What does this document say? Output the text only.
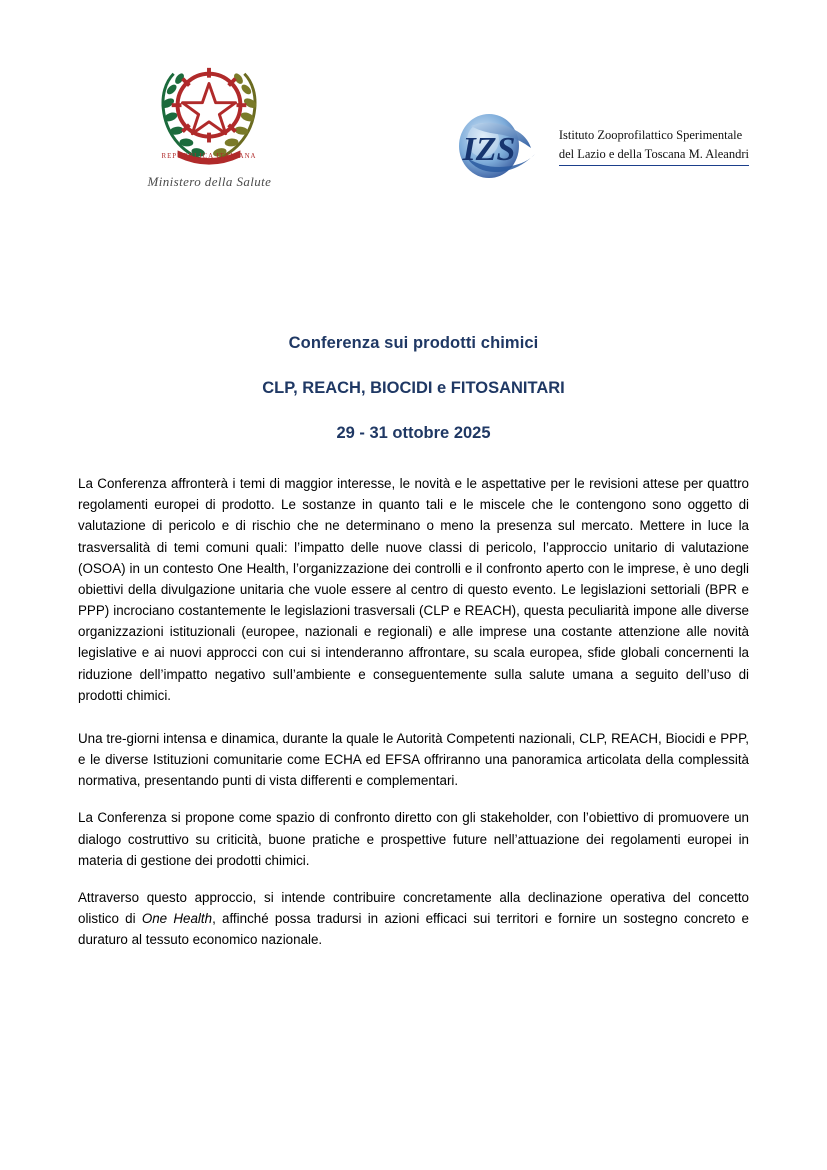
REPUBBLICA ITALIANA
Ministero della Salute
IZS	Istituto Zooprofilattico Sperimentale
del Lazio e della Toscana M. Aleandri
Conferenza sui prodotti chimici
CLP, REACH, BIOCIDI e FITOSANITARI
29 - 31 ottobre 2025

La Conferenza affronterà i temi di maggior interesse, le novità e le aspettative per le revisioni attese per quattro regolamenti europei di prodotto. Le sostanze in quanto tali e le miscele che le contengono sono oggetto di valutazione di pericolo e di rischio che ne determinano o meno la presenza sul mercato. Mettere in luce la trasversalità di temi comuni quali: l’impatto delle nuove classi di pericolo, l’approccio unitario di valutazione (OSOA) in un contesto One Health, l’organizzazione dei controlli e il confronto aperto con le imprese, è uno degli obiettivi della divulgazione unitaria che vuole essere al centro di questo evento. Le legislazioni settoriali (BPR e PPP) incrociano costantemente le legislazioni trasversali (CLP e REACH), questa peculiarità impone alle diverse organizzazioni istituzionali (europee, nazionali e regionali) e alle imprese una costante attenzione alle novità legislative e ai nuovi approcci con cui si intenderanno affrontare, su scala europea, sfide globali concernenti la riduzione dell’impatto negativo sull’ambiente e conseguentemente sulla salute umana a seguito dell’uso di prodotti chimici.

Una tre-giorni intensa e dinamica, durante la quale le Autorità Competenti nazionali, CLP, REACH, Biocidi e PPP, e le diverse Istituzioni comunitarie come ECHA ed EFSA offriranno una panoramica articolata della complessità normativa, presentando punti di vista differenti e complementari.

La Conferenza si propone come spazio di confronto diretto con gli stakeholder, con l’obiettivo di promuovere un dialogo costruttivo su criticità, buone pratiche e prospettive future nell’attuazione dei regolamenti europei in materia di gestione dei prodotti chimici.

Attraverso questo approccio, si intende contribuire concretamente alla declinazione operativa del concetto olistico di One Health, affinché possa tradursi in azioni efficaci sui territori e fornire un sostegno concreto e duraturo al tessuto economico nazionale.
